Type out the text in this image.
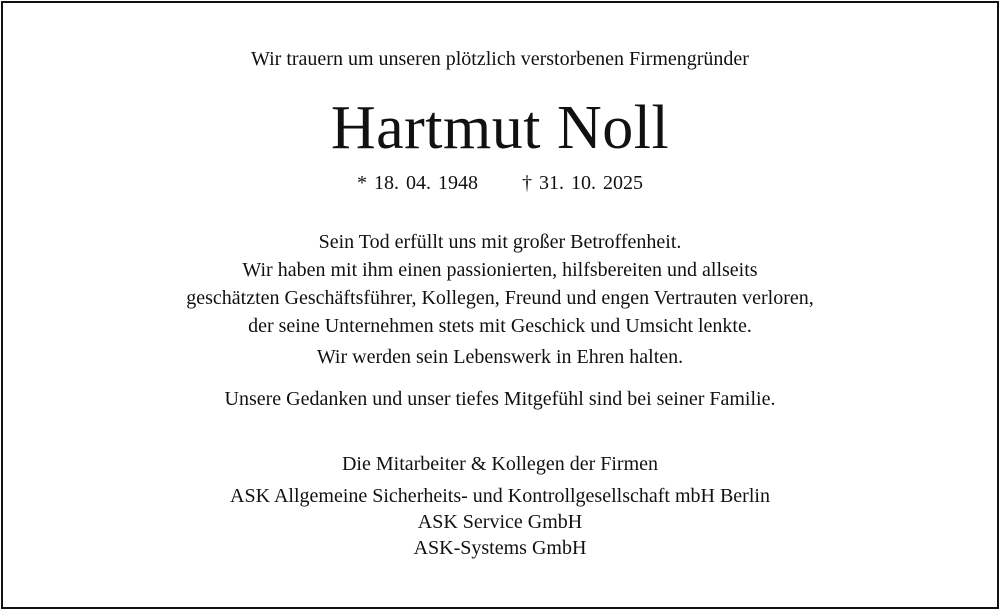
Wir trauern um unseren plötzlich verstorbenen Firmengründer
Hartmut Noll
* 18. 04. 1948 † 31. 10. 2025
Sein Tod erfüllt uns mit großer Betroffenheit.
Wir haben mit ihm einen passionierten, hilfsbereiten und allseits
geschätzten Geschäftsführer, Kollegen, Freund und engen Vertrauten verloren,
der seine Unternehmen stets mit Geschick und Umsicht lenkte.
Wir werden sein Lebenswerk in Ehren halten.
Unsere Gedanken und unser tiefes Mitgefühl sind bei seiner Familie.
Die Mitarbeiter & Kollegen der Firmen
ASK Allgemeine Sicherheits- und Kontrollgesellschaft mbH Berlin
ASK Service GmbH
ASK-Systems GmbH
